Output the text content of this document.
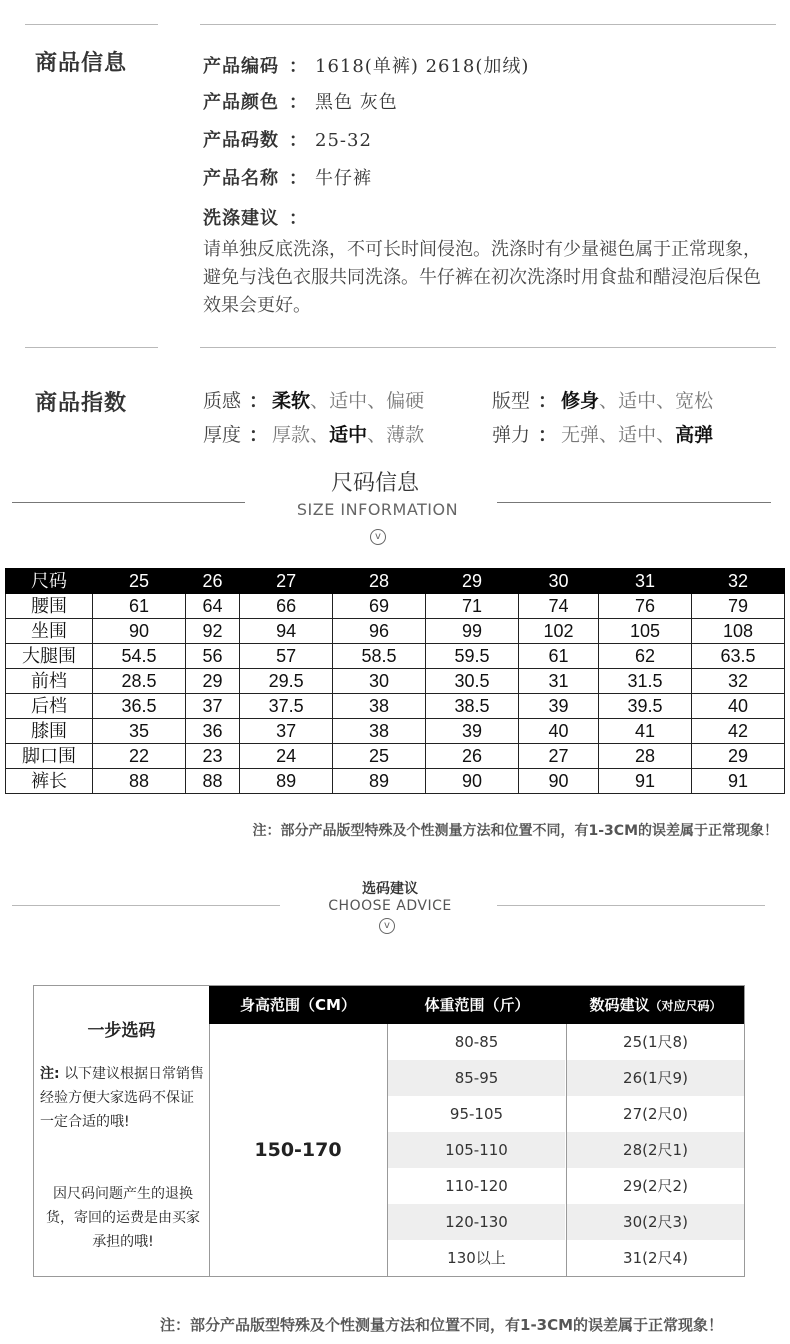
商品信息	产品编码 ： 1618(单裤) 2618(加绒)
产品颜色 ： 黑色 灰色
产品码数 ： 25-32
产品名称 ： 牛仔裤
洗涤建议 ：
请单独反底洗涤，不可长时间侵泡。洗涤时有少量褪色属于正常现象，避免与浅色衣服共同洗涤。牛仔裤在初次洗涤时用食盐和醋浸泡后保色效果会更好。
商品指数	质感 ： 柔软、适中、偏硬	版型 ： 修身、适中、宽松
厚度 ： 厚款、适中、薄款	弹力 ： 无弹、适中、高弹
尺码信息
SIZE INFORMATION
v
尺码	25	26	27	28	29	30	31	32
腰围	61	64	66	69	71	74	76	79
坐围	90	92	94	96	99	102	105	108
大腿围	54.5	56	57	58.5	59.5	61	62	63.5
前档	28.5	29	29.5	30	30.5	31	31.5	32
后档	36.5	37	37.5	38	38.5	39	39.5	40
膝围	35	36	37	38	39	40	41	42
脚口围	22	23	24	25	26	27	28	29
裤长	88	88	89	89	90	90	91	91
注：部分产品版型特殊及个性测量方法和位置不同，有1-3CM的误差属于正常现象！
选码建议
CHOOSE ADVICE
v
一步选码
注: 以下建议根据日常销售经验方便大家选码不保证一定合适的哦!
因尺码问题产生的退换货，寄回的运费是由买家承担的哦!
身高范围（CM）	体重范围（斤）	数码建议（对应尺码）
150-170
80-85	25(1尺8)
85-95	26(1尺9)
95-105	27(2尺0)
105-110	28(2尺1)
110-120	29(2尺2)
120-130	30(2尺3)
130以上	31(2尺4)
注：部分产品版型特殊及个性测量方法和位置不同，有1-3CM的误差属于正常现象！
